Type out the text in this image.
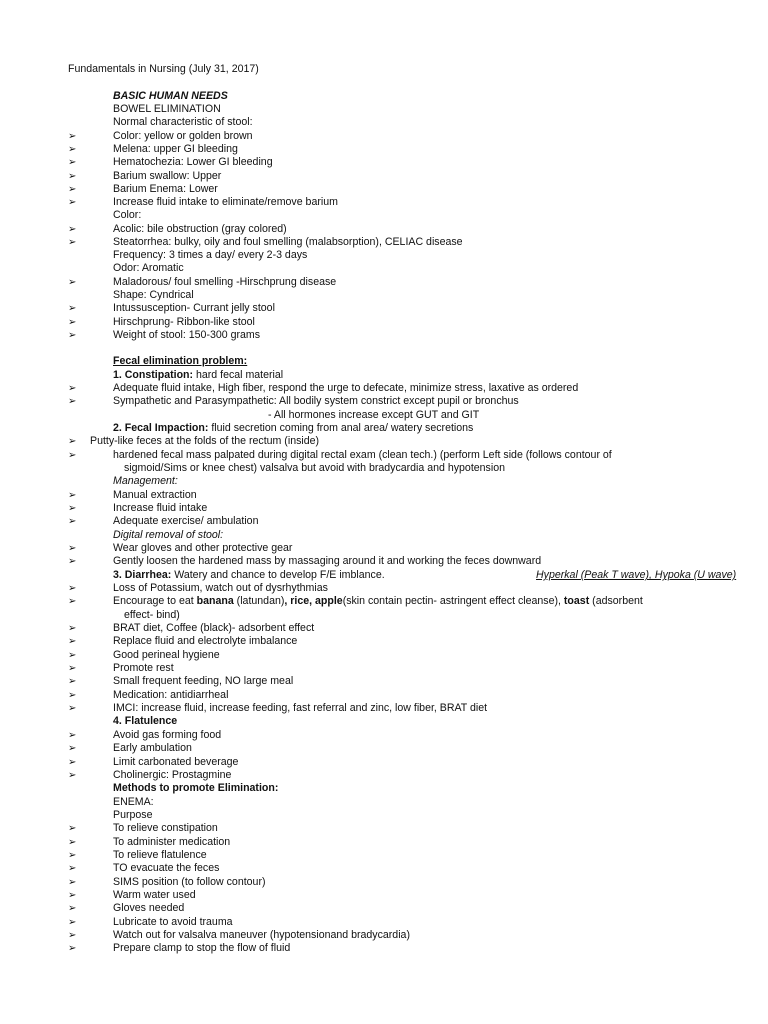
Fundamentals in Nursing (July 31, 2017)
BASIC HUMAN NEEDS
BOWEL ELIMINATION
Normal characteristic of stool:
➢	Color: yellow or golden brown
➢	Melena: upper GI bleeding
➢	Hematochezia: Lower GI bleeding
➢	Barium swallow: Upper
➢	Barium Enema: Lower
➢	Increase fluid intake to eliminate/remove barium
Color:
➢	Acolic: bile obstruction (gray colored)
➢	Steatorrhea: bulky, oily and foul smelling (malabsorption), CELIAC disease
Frequency: 3 times a day/ every 2-3 days
Odor: Aromatic
➢	Maladorous/ foul smelling -Hirschprung disease
Shape: Cyndrical
➢	Intussusception- Currant jelly stool
➢	Hirschprung- Ribbon-like stool
➢	Weight of stool: 150-300 grams
Fecal elimination problem:
1. Constipation: hard fecal material
➢	Adequate fluid intake, High fiber, respond the urge to defecate, minimize stress, laxative as ordered
➢	Sympathetic and Parasympathetic: All bodily system constrict except pupil or bronchus
- All hormones increase except GUT and GIT
2. Fecal Impaction: fluid secretion coming from anal area/ watery secretions
➢ Putty-like feces at the folds of the rectum (inside)
➢	hardened fecal mass palpated during digital rectal exam (clean tech.) (perform Left side (follows contour of
sigmoid/Sims or knee chest) valsalva but avoid with bradycardia and hypotension
Management:
➢	Manual extraction
➢	Increase fluid intake
➢	Adequate exercise/ ambulation
Digital removal of stool:
➢	Wear gloves and other protective gear
➢	Gently loosen the hardened mass by massaging around it and working the feces downward
3. Diarrhea: Watery and chance to develop F/E imblance.	Hyperkal (Peak T wave), Hypoka (U wave)
➢	Loss of Potassium, watch out of dysrhythmias
➢	Encourage to eat banana (latundan), rice, apple(skin contain pectin- astringent effect cleanse), toast (adsorbent
effect- bind)
➢	BRAT diet, Coffee (black)- adsorbent effect
➢	Replace fluid and electrolyte imbalance
➢	Good perineal hygiene
➢	Promote rest
➢	Small frequent feeding, NO large meal
➢	Medication: antidiarrheal
➢	IMCI: increase fluid, increase feeding, fast referral and zinc, low fiber, BRAT diet
4. Flatulence
➢	Avoid gas forming food
➢	Early ambulation
➢	Limit carbonated beverage
➢	Cholinergic: Prostagmine
Methods to promote Elimination:
ENEMA:
Purpose
➢	To relieve constipation
➢	To administer medication
➢	To relieve flatulence
➢	TO evacuate the feces
➢	SIMS position (to follow contour)
➢	Warm water used
➢	Gloves needed
➢	Lubricate to avoid trauma
➢	Watch out for valsalva maneuver (hypotensionand bradycardia)
➢	Prepare clamp to stop the flow of fluid
